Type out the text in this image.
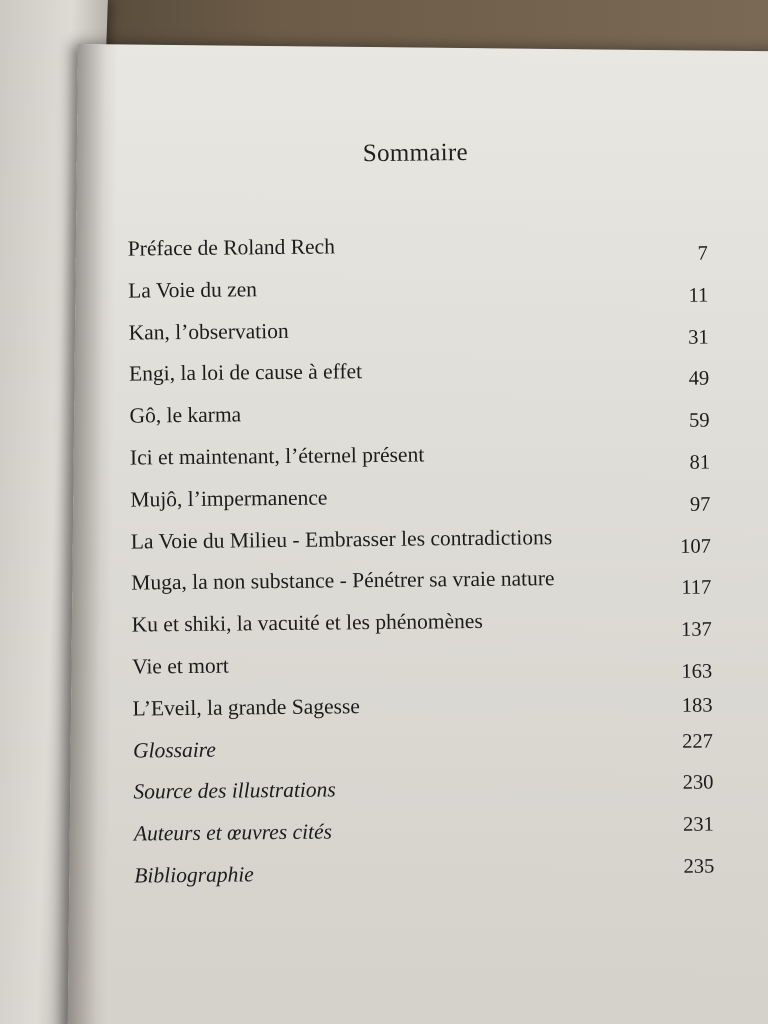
Sommaire
Préface de Roland Rech	7
La Voie du zen	11
Kan, l’observation	31
Engi, la loi de cause à effet	49
Gô, le karma	59
Ici et maintenant, l’éternel présent	81
Mujô, l’impermanence	97
La Voie du Milieu - Embrasser les contradictions	107
Muga, la non substance - Pénétrer sa vraie nature	117
Ku et shiki, la vacuité et les phénomènes	137
Vie et mort	163
L’Eveil, la grande Sagesse	183
Glossaire	227
Source des illustrations	230
Auteurs et œuvres cités	231
Bibliographie	235
